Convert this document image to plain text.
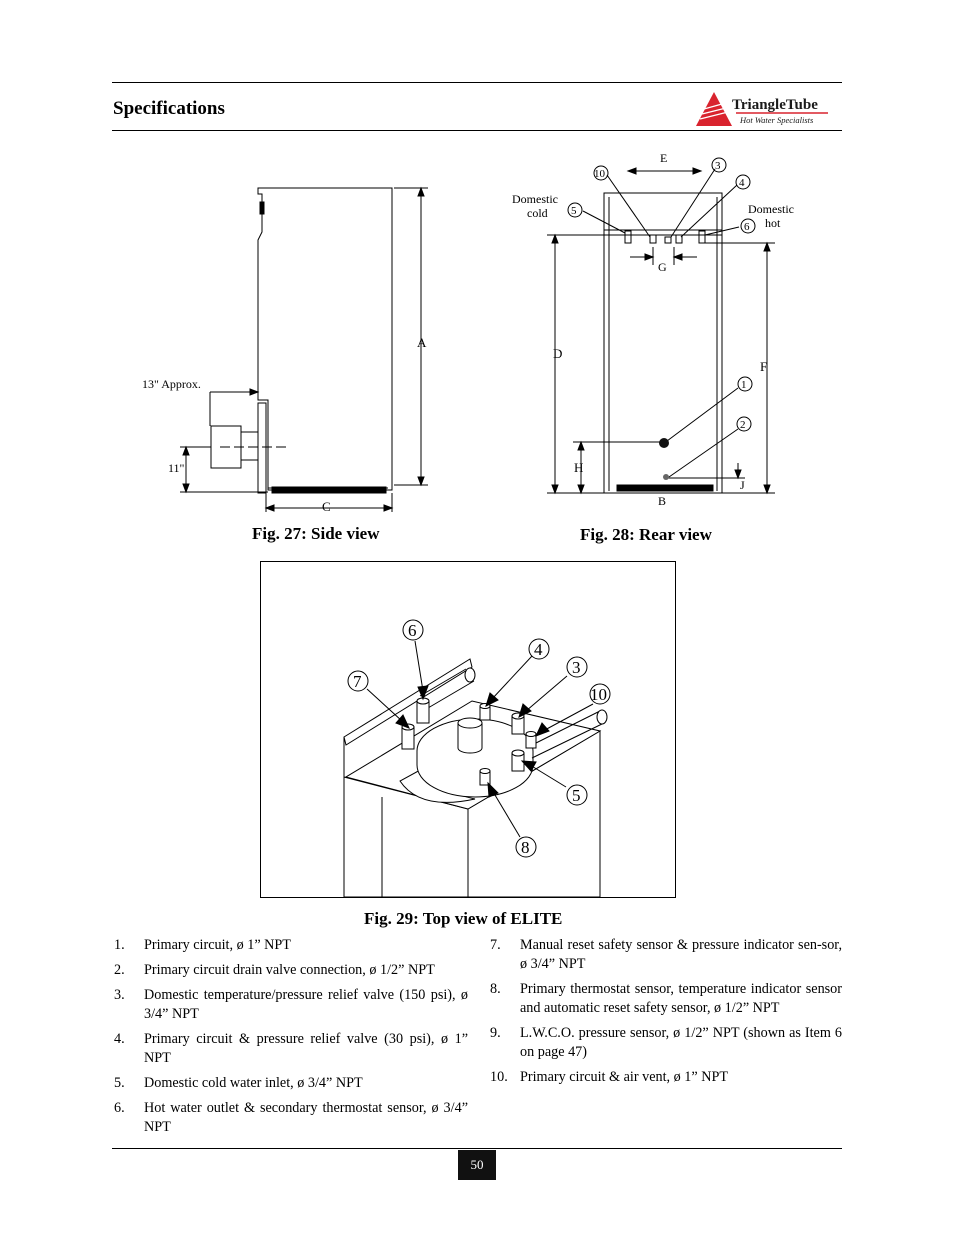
Specifications	TriangleTube
Hot Water Specialists
A
C
13" Approx.
11"
Fig. 27: Side view
10
3
4
5
6
1
2
E
G
D
F
H
B
J
Domestic
cold	Domestic
hot
Fig. 28: Rear view
6
4
3
7
10
5
8
Fig. 29: Top view of ELITE
1. Primary circuit, ø 1” NPT
2. Primary circuit drain valve connection, ø 1/2” NPT
3. Domestic temperature/pressure relief valve (150 psi), ø 3/4” NPT
4. Primary circuit & pressure relief valve (30 psi), ø 1” NPT
5. Domestic cold water inlet, ø 3/4” NPT
6. Hot water outlet & secondary thermostat sensor, ø 3/4” NPT
7. Manual reset safety sensor & pressure indicator sen-sor, ø 3/4” NPT
8. Primary thermostat sensor, temperature indicator sensor and automatic reset safety sensor, ø 1/2” NPT
9. L.W.C.O. pressure sensor, ø 1/2” NPT (shown as Item 6 on page 47)
10. Primary circuit & air vent, ø 1” NPT
50
